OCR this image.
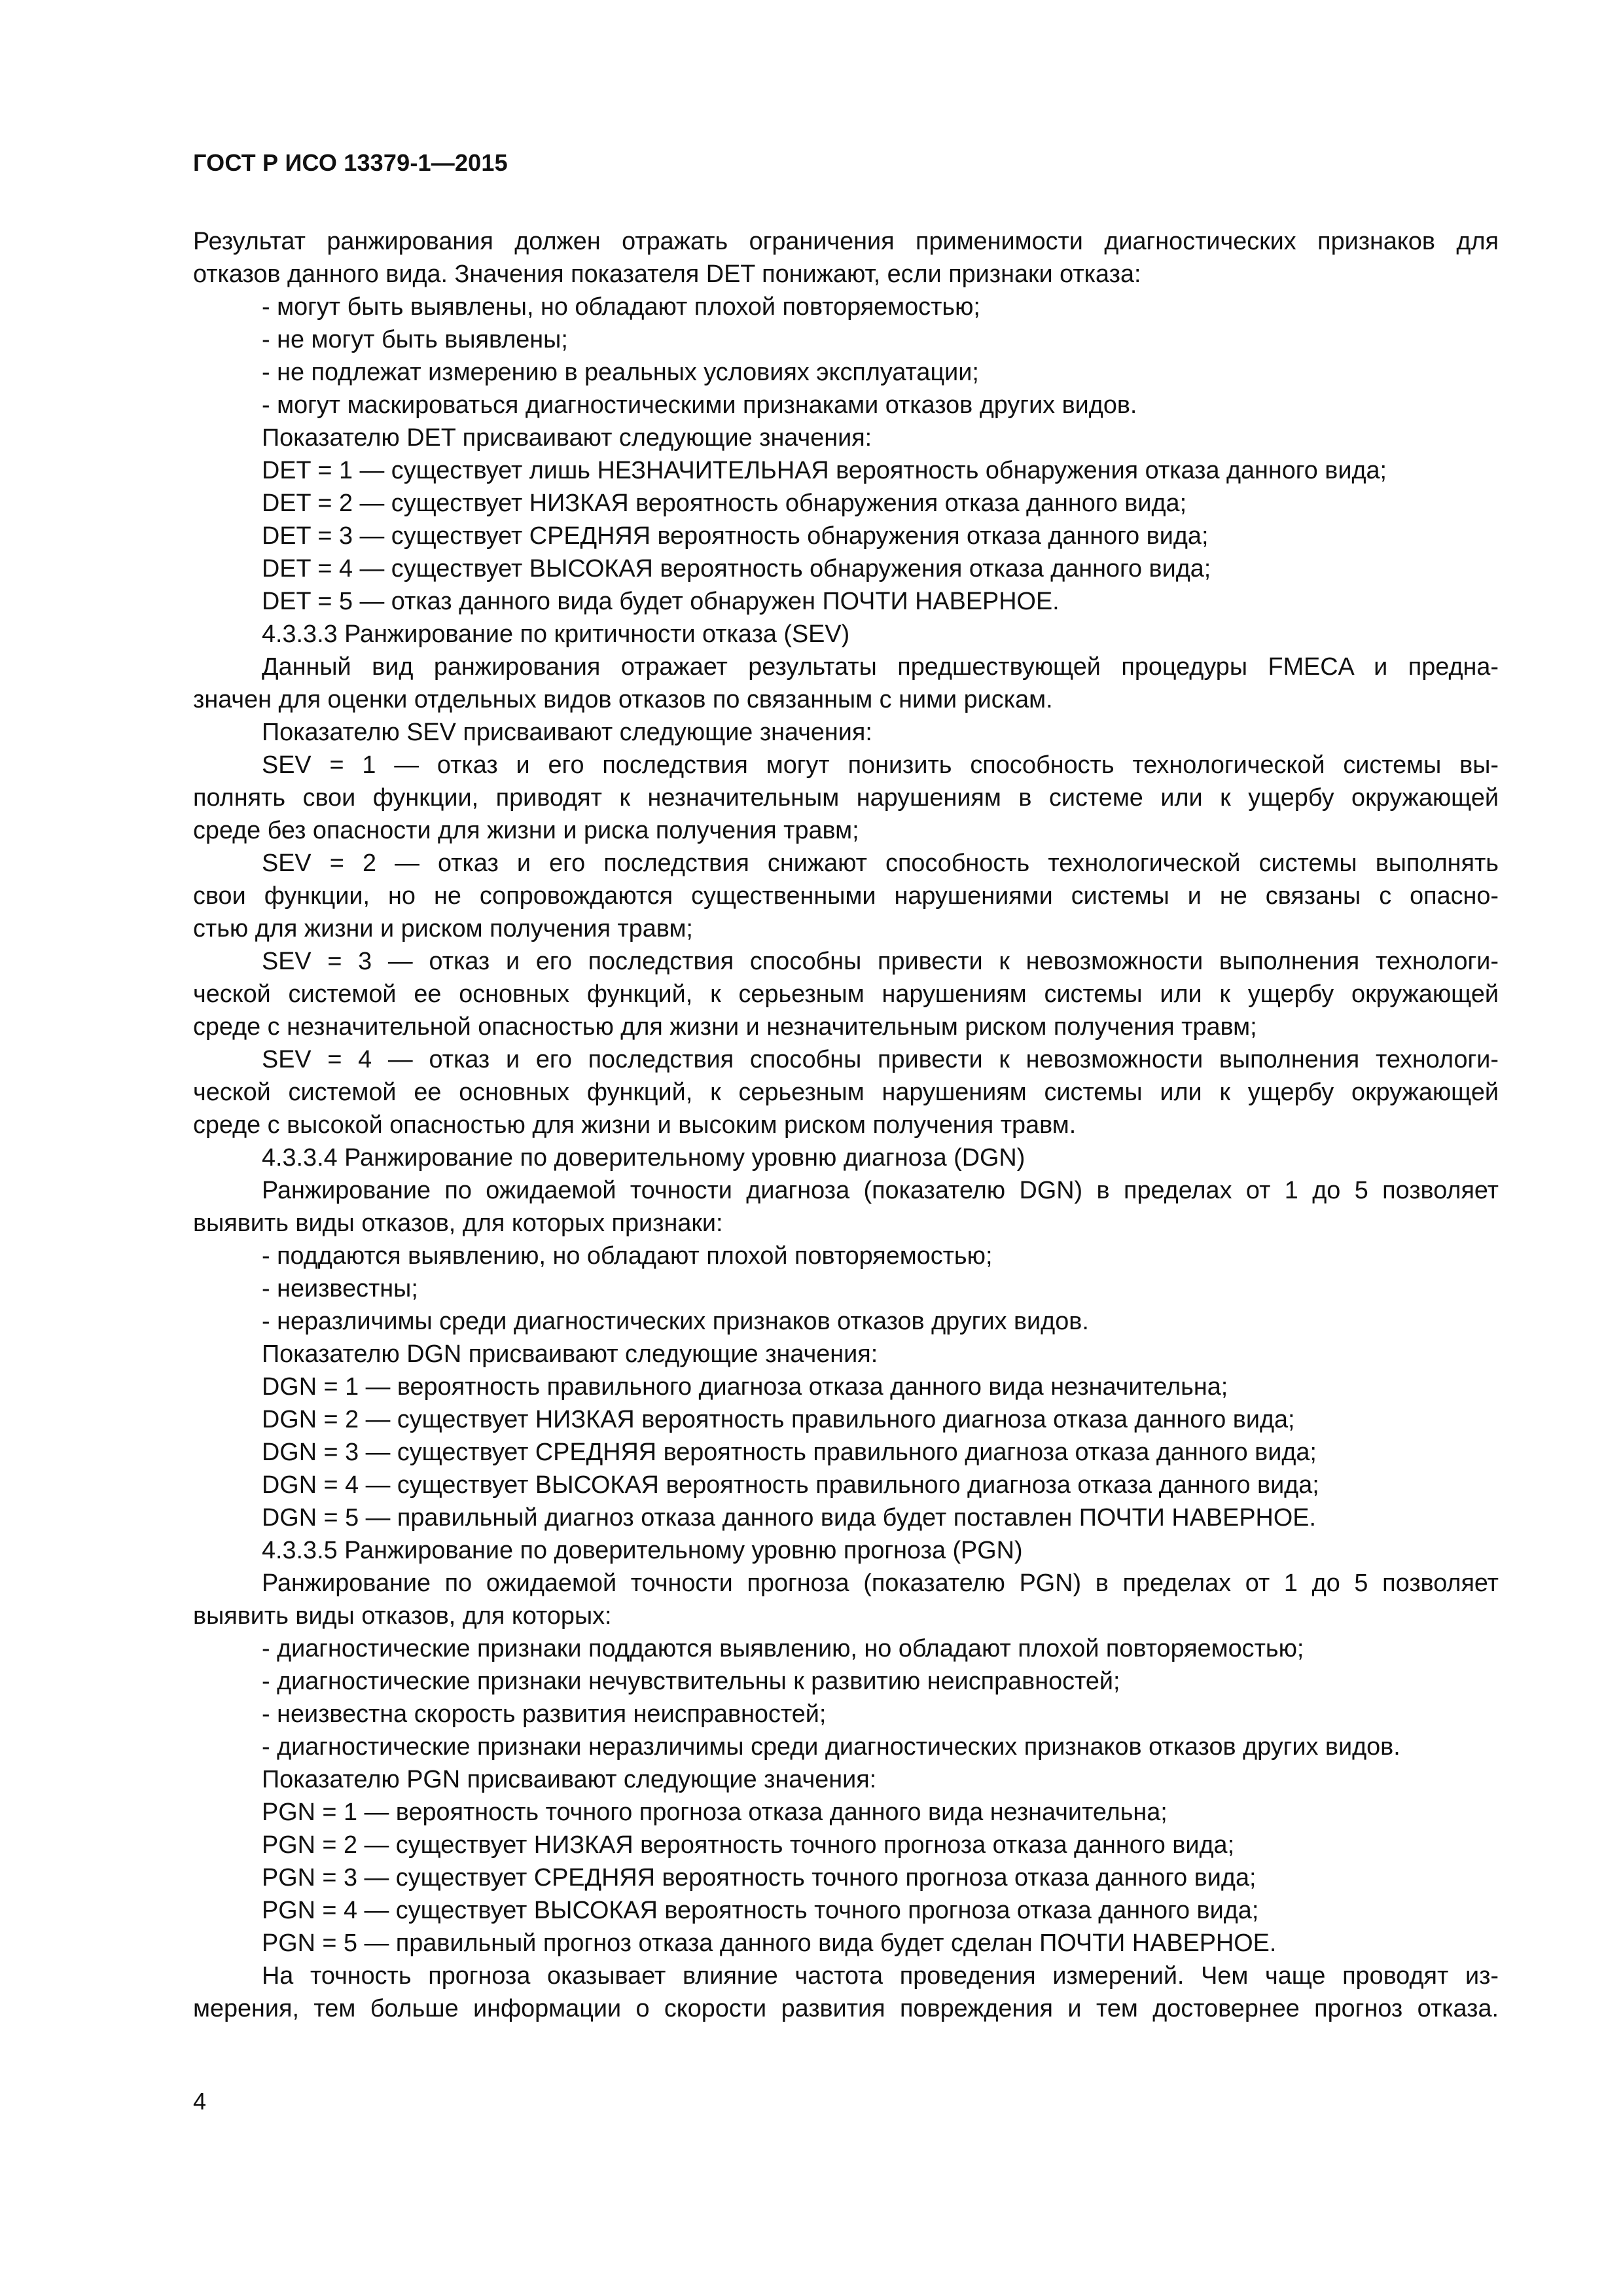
ГОСТ Р ИСО 13379-1—2015
Результат ранжирования должен отражать ограничения применимости диагностических признаков для
отказов данного вида. Значения показателя DET понижают, если признаки отказа:
- могут быть выявлены, но обладают плохой повторяемостью;
- не могут быть выявлены;
- не подлежат измерению в реальных условиях эксплуатации;
- могут маскироваться диагностическими признаками отказов других видов.
Показателю DET присваивают следующие значения:
DET = 1 — существует лишь НЕЗНАЧИТЕЛЬНАЯ вероятность обнаружения отказа данного вида;
DET = 2 — существует НИЗКАЯ вероятность обнаружения отказа данного вида;
DET = 3 — существует СРЕДНЯЯ вероятность обнаружения отказа данного вида;
DET = 4 — существует ВЫСОКАЯ вероятность обнаружения отказа данного вида;
DET = 5 — отказ данного вида будет обнаружен ПОЧТИ НАВЕРНОЕ.
4.3.3.3 Ранжирование по критичности отказа (SEV)
Данный вид ранжирования отражает результаты предшествующей процедуры FMECA и предна-
значен для оценки отдельных видов отказов по связанным с ними рискам.
Показателю SEV присваивают следующие значения:
SEV = 1 — отказ и его последствия могут понизить способность технологической системы вы-
полнять свои функции, приводят к незначительным нарушениям в системе или к ущербу окружающей
среде без опасности для жизни и риска получения травм;
SEV = 2 — отказ и его последствия снижают способность технологической системы выполнять
свои функции, но не сопровождаются существенными нарушениями системы и не связаны с опасно-
стью для жизни и риском получения травм;
SEV = 3 — отказ и его последствия способны привести к невозможности выполнения технологи-
ческой системой ее основных функций, к серьезным нарушениям системы или к ущербу окружающей
среде с незначительной опасностью для жизни и незначительным риском получения травм;
SEV = 4 — отказ и его последствия способны привести к невозможности выполнения технологи-
ческой системой ее основных функций, к серьезным нарушениям системы или к ущербу окружающей
среде с высокой опасностью для жизни и высоким риском получения травм.
4.3.3.4 Ранжирование по доверительному уровню диагноза (DGN)
Ранжирование по ожидаемой точности диагноза (показателю DGN) в пределах от 1 до 5 позволяет
выявить виды отказов, для которых признаки:
- поддаются выявлению, но обладают плохой повторяемостью;
- неизвестны;
- неразличимы среди диагностических признаков отказов других видов.
Показателю DGN присваивают следующие значения:
DGN = 1 — вероятность правильного диагноза отказа данного вида незначительна;
DGN = 2 — существует НИЗКАЯ вероятность правильного диагноза отказа данного вида;
DGN = 3 — существует СРЕДНЯЯ вероятность правильного диагноза отказа данного вида;
DGN = 4 — существует ВЫСОКАЯ вероятность правильного диагноза отказа данного вида;
DGN = 5 — правильный диагноз отказа данного вида будет поставлен ПОЧТИ НАВЕРНОЕ.
4.3.3.5 Ранжирование по доверительному уровню прогноза (PGN)
Ранжирование по ожидаемой точности прогноза (показателю PGN) в пределах от 1 до 5 позволяет
выявить виды отказов, для которых:
- диагностические признаки поддаются выявлению, но обладают плохой повторяемостью;
- диагностические признаки нечувствительны к развитию неисправностей;
- неизвестна скорость развития неисправностей;
- диагностические признаки неразличимы среди диагностических признаков отказов других видов.
Показателю PGN присваивают следующие значения:
PGN = 1 — вероятность точного прогноза отказа данного вида незначительна;
PGN = 2 — существует НИЗКАЯ вероятность точного прогноза отказа данного вида;
PGN = 3 — существует СРЕДНЯЯ вероятность точного прогноза отказа данного вида;
PGN = 4 — существует ВЫСОКАЯ вероятность точного прогноза отказа данного вида;
PGN = 5 — правильный прогноз отказа данного вида будет сделан ПОЧТИ НАВЕРНОЕ.
На точность прогноза оказывает влияние частота проведения измерений. Чем чаще проводят из-
мерения, тем больше информации о скорости развития повреждения и тем достовернее прогноз отказа.
4
